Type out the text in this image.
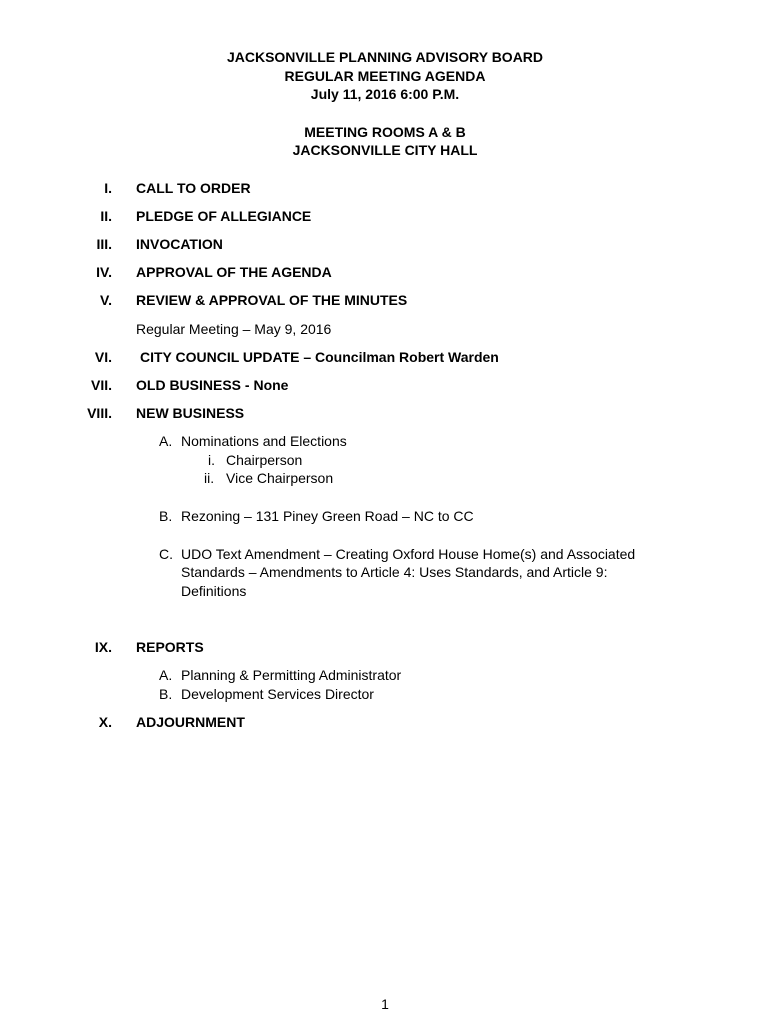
JACKSONVILLE PLANNING ADVISORY BOARD
REGULAR MEETING AGENDA
July 11, 2016 6:00 P.M.
MEETING ROOMS A & B
JACKSONVILLE CITY HALL
I. CALL TO ORDER
II. PLEDGE OF ALLEGIANCE
III. INVOCATION
IV. APPROVAL OF THE AGENDA
V. REVIEW & APPROVAL OF THE MINUTES
Regular Meeting – May 9, 2016
VI. CITY COUNCIL UPDATE – Councilman Robert Warden
VII. OLD BUSINESS - None
VIII. NEW BUSINESS
A. Nominations and Elections
i. Chairperson
ii. Vice Chairperson
B. Rezoning – 131 Piney Green Road – NC to CC
C. UDO Text Amendment – Creating Oxford House Home(s) and Associated
Standards – Amendments to Article 4: Uses Standards, and Article 9:
Definitions
IX. REPORTS
A. Planning & Permitting Administrator
B. Development Services Director
X. ADJOURNMENT
1
